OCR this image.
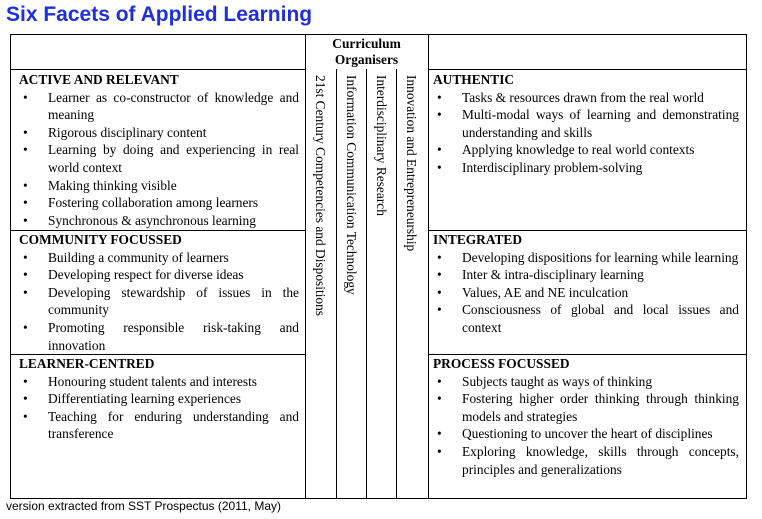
Six Facets of Applied Learning
Curriculum Organisers
21st Century Competencies and Dispositions Information Communication Technology Interdisciplinary Research Innovation and Entrepreneurship
ACTIVE AND RELEVANT
• Learner as co-constructor of knowledge and meaning
• Rigorous disciplinary content
• Learning by doing and experiencing in real world context
• Making thinking visible
• Fostering collaboration among learners
• Synchronous & asynchronous learning
COMMUNITY FOCUSSED
• Building a community of learners
• Developing respect for diverse ideas
• Developing stewardship of issues in the community
• Promoting responsible risk-taking and innovation
LEARNER-CENTRED
• Honouring student talents and interests
• Differentiating learning experiences
• Teaching for enduring understanding and transference
AUTHENTIC
• Tasks & resources drawn from the real world
• Multi-modal ways of learning and demonstrating understanding and skills
• Applying knowledge to real world contexts
• Interdisciplinary problem-solving
INTEGRATED
• Developing dispositions for learning while learning
• Inter & intra-disciplinary learning
• Values, AE and NE inculcation
• Consciousness of global and local issues and context
PROCESS FOCUSSED
• Subjects taught as ways of thinking
• Fostering higher order thinking through thinking models and strategies
• Questioning to uncover the heart of disciplines
• Exploring knowledge, skills through concepts, principles and generalizations
version extracted from SST Prospectus (2011, May)
